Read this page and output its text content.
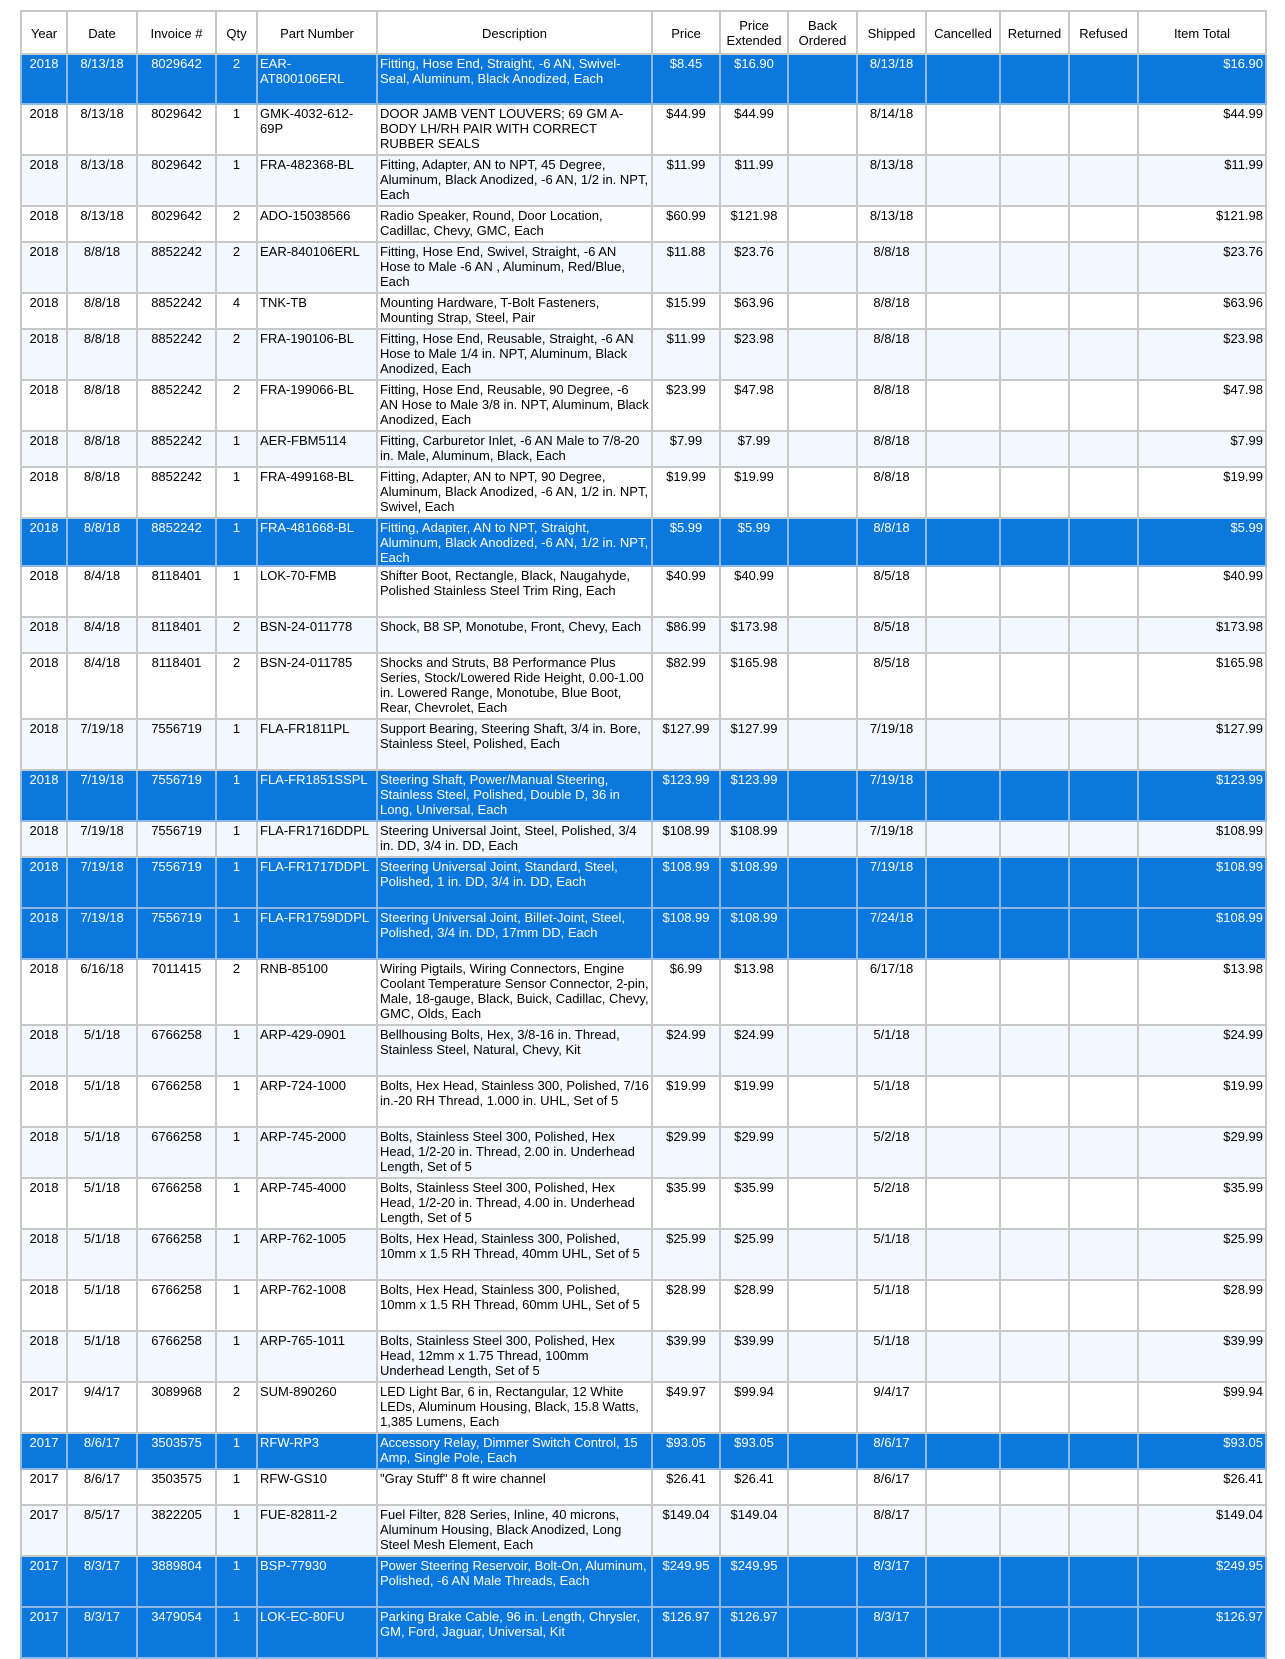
Year	Date	Invoice #	Qty	Part Number	Description	Price	Price Extended	Back Ordered	Shipped	Cancelled	Returned	Refused	Item Total
2018	8/13/18	8029642	2	EAR-AT800106ERL	Fitting, Hose End, Straight, -6 AN, Swivel-Seal, Aluminum, Black Anodized, Each	$8.45	$16.90		8/13/18				$16.90
2018	8/13/18	8029642	1	GMK-4032-612-69P	DOOR JAMB VENT LOUVERS; 69 GM A-BODY LH/RH PAIR WITH CORRECT RUBBER SEALS	$44.99	$44.99		8/14/18				$44.99
2018	8/13/18	8029642	1	FRA-482368-BL	Fitting, Adapter, AN to NPT, 45 Degree, Aluminum, Black Anodized, -6 AN, 1/2 in. NPT, Each	$11.99	$11.99		8/13/18				$11.99
2018	8/13/18	8029642	2	ADO-15038566	Radio Speaker, Round, Door Location, Cadillac, Chevy, GMC, Each	$60.99	$121.98		8/13/18				$121.98
2018	8/8/18	8852242	2	EAR-840106ERL	Fitting, Hose End, Swivel, Straight, -6 AN Hose to Male -6 AN , Aluminum, Red/Blue, Each	$11.88	$23.76		8/8/18				$23.76
2018	8/8/18	8852242	4	TNK-TB	Mounting Hardware, T-Bolt Fasteners, Mounting Strap, Steel, Pair	$15.99	$63.96		8/8/18				$63.96
2018	8/8/18	8852242	2	FRA-190106-BL	Fitting, Hose End, Reusable, Straight, -6 AN Hose to Male 1/4 in. NPT, Aluminum, Black Anodized, Each	$11.99	$23.98		8/8/18				$23.98
2018	8/8/18	8852242	2	FRA-199066-BL	Fitting, Hose End, Reusable, 90 Degree, -6 AN Hose to Male 3/8 in. NPT, Aluminum, Black Anodized, Each	$23.99	$47.98		8/8/18				$47.98
2018	8/8/18	8852242	1	AER-FBM5114	Fitting, Carburetor Inlet, -6 AN Male to 7/8-20 in. Male, Aluminum, Black, Each	$7.99	$7.99		8/8/18				$7.99
2018	8/8/18	8852242	1	FRA-499168-BL	Fitting, Adapter, AN to NPT, 90 Degree, Aluminum, Black Anodized, -6 AN, 1/2 in. NPT, Swivel, Each	$19.99	$19.99		8/8/18				$19.99
2018	8/8/18	8852242	1	FRA-481668-BL	Fitting, Adapter, AN to NPT, Straight, Aluminum, Black Anodized, -6 AN, 1/2 in. NPT, Each	$5.99	$5.99		8/8/18				$5.99
2018	8/4/18	8118401	1	LOK-70-FMB	Shifter Boot, Rectangle, Black, Naugahyde, Polished Stainless Steel Trim Ring, Each	$40.99	$40.99		8/5/18				$40.99
2018	8/4/18	8118401	2	BSN-24-011778	Shock, B8 SP, Monotube, Front, Chevy, Each	$86.99	$173.98		8/5/18				$173.98
2018	8/4/18	8118401	2	BSN-24-011785	Shocks and Struts, B8 Performance Plus Series, Stock/Lowered Ride Height, 0.00-1.00 in. Lowered Range, Monotube, Blue Boot, Rear, Chevrolet, Each	$82.99	$165.98		8/5/18				$165.98
2018	7/19/18	7556719	1	FLA-FR1811PL	Support Bearing, Steering Shaft, 3/4 in. Bore, Stainless Steel, Polished, Each	$127.99	$127.99		7/19/18				$127.99
2018	7/19/18	7556719	1	FLA-FR1851SSPL	Steering Shaft, Power/Manual Steering, Stainless Steel, Polished, Double D, 36 in Long, Universal, Each	$123.99	$123.99		7/19/18				$123.99
2018	7/19/18	7556719	1	FLA-FR1716DDPL	Steering Universal Joint, Steel, Polished, 3/4 in. DD, 3/4 in. DD, Each	$108.99	$108.99		7/19/18				$108.99
2018	7/19/18	7556719	1	FLA-FR1717DDPL	Steering Universal Joint, Standard, Steel, Polished, 1 in. DD, 3/4 in. DD, Each	$108.99	$108.99		7/19/18				$108.99
2018	7/19/18	7556719	1	FLA-FR1759DDPL	Steering Universal Joint, Billet-Joint, Steel, Polished, 3/4 in. DD, 17mm DD, Each	$108.99	$108.99		7/24/18				$108.99
2018	6/16/18	7011415	2	RNB-85100	Wiring Pigtails, Wiring Connectors, Engine Coolant Temperature Sensor Connector, 2-pin, Male, 18-gauge, Black, Buick, Cadillac, Chevy, GMC, Olds, Each	$6.99	$13.98		6/17/18				$13.98
2018	5/1/18	6766258	1	ARP-429-0901	Bellhousing Bolts, Hex, 3/8-16 in. Thread, Stainless Steel, Natural, Chevy, Kit	$24.99	$24.99		5/1/18				$24.99
2018	5/1/18	6766258	1	ARP-724-1000	Bolts, Hex Head, Stainless 300, Polished, 7/16 in.-20 RH Thread, 1.000 in. UHL, Set of 5	$19.99	$19.99		5/1/18				$19.99
2018	5/1/18	6766258	1	ARP-745-2000	Bolts, Stainless Steel 300, Polished, Hex Head, 1/2-20 in. Thread, 2.00 in. Underhead Length, Set of 5	$29.99	$29.99		5/2/18				$29.99
2018	5/1/18	6766258	1	ARP-745-4000	Bolts, Stainless Steel 300, Polished, Hex Head, 1/2-20 in. Thread, 4.00 in. Underhead Length, Set of 5	$35.99	$35.99		5/2/18				$35.99
2018	5/1/18	6766258	1	ARP-762-1005	Bolts, Hex Head, Stainless 300, Polished, 10mm x 1.5 RH Thread, 40mm UHL, Set of 5	$25.99	$25.99		5/1/18				$25.99
2018	5/1/18	6766258	1	ARP-762-1008	Bolts, Hex Head, Stainless 300, Polished, 10mm x 1.5 RH Thread, 60mm UHL, Set of 5	$28.99	$28.99		5/1/18				$28.99
2018	5/1/18	6766258	1	ARP-765-1011	Bolts, Stainless Steel 300, Polished, Hex Head, 12mm x 1.75 Thread, 100mm Underhead Length, Set of 5	$39.99	$39.99		5/1/18				$39.99
2017	9/4/17	3089968	2	SUM-890260	LED Light Bar, 6 in, Rectangular, 12 White LEDs, Aluminum Housing, Black, 15.8 Watts, 1,385 Lumens, Each	$49.97	$99.94		9/4/17				$99.94
2017	8/6/17	3503575	1	RFW-RP3	Accessory Relay, Dimmer Switch Control, 15 Amp, Single Pole, Each	$93.05	$93.05		8/6/17				$93.05
2017	8/6/17	3503575	1	RFW-GS10	"Gray Stuff" 8 ft wire channel	$26.41	$26.41		8/6/17				$26.41
2017	8/5/17	3822205	1	FUE-82811-2	Fuel Filter, 828 Series, Inline, 40 microns, Aluminum Housing, Black Anodized, Long Steel Mesh Element, Each	$149.04	$149.04		8/8/17				$149.04
2017	8/3/17	3889804	1	BSP-77930	Power Steering Reservoir, Bolt-On, Aluminum, Polished, -6 AN Male Threads, Each	$249.95	$249.95		8/3/17				$249.95
2017	8/3/17	3479054	1	LOK-EC-80FU	Parking Brake Cable, 96 in. Length, Chrysler, GM, Ford, Jaguar, Universal, Kit	$126.97	$126.97		8/3/17				$126.97
